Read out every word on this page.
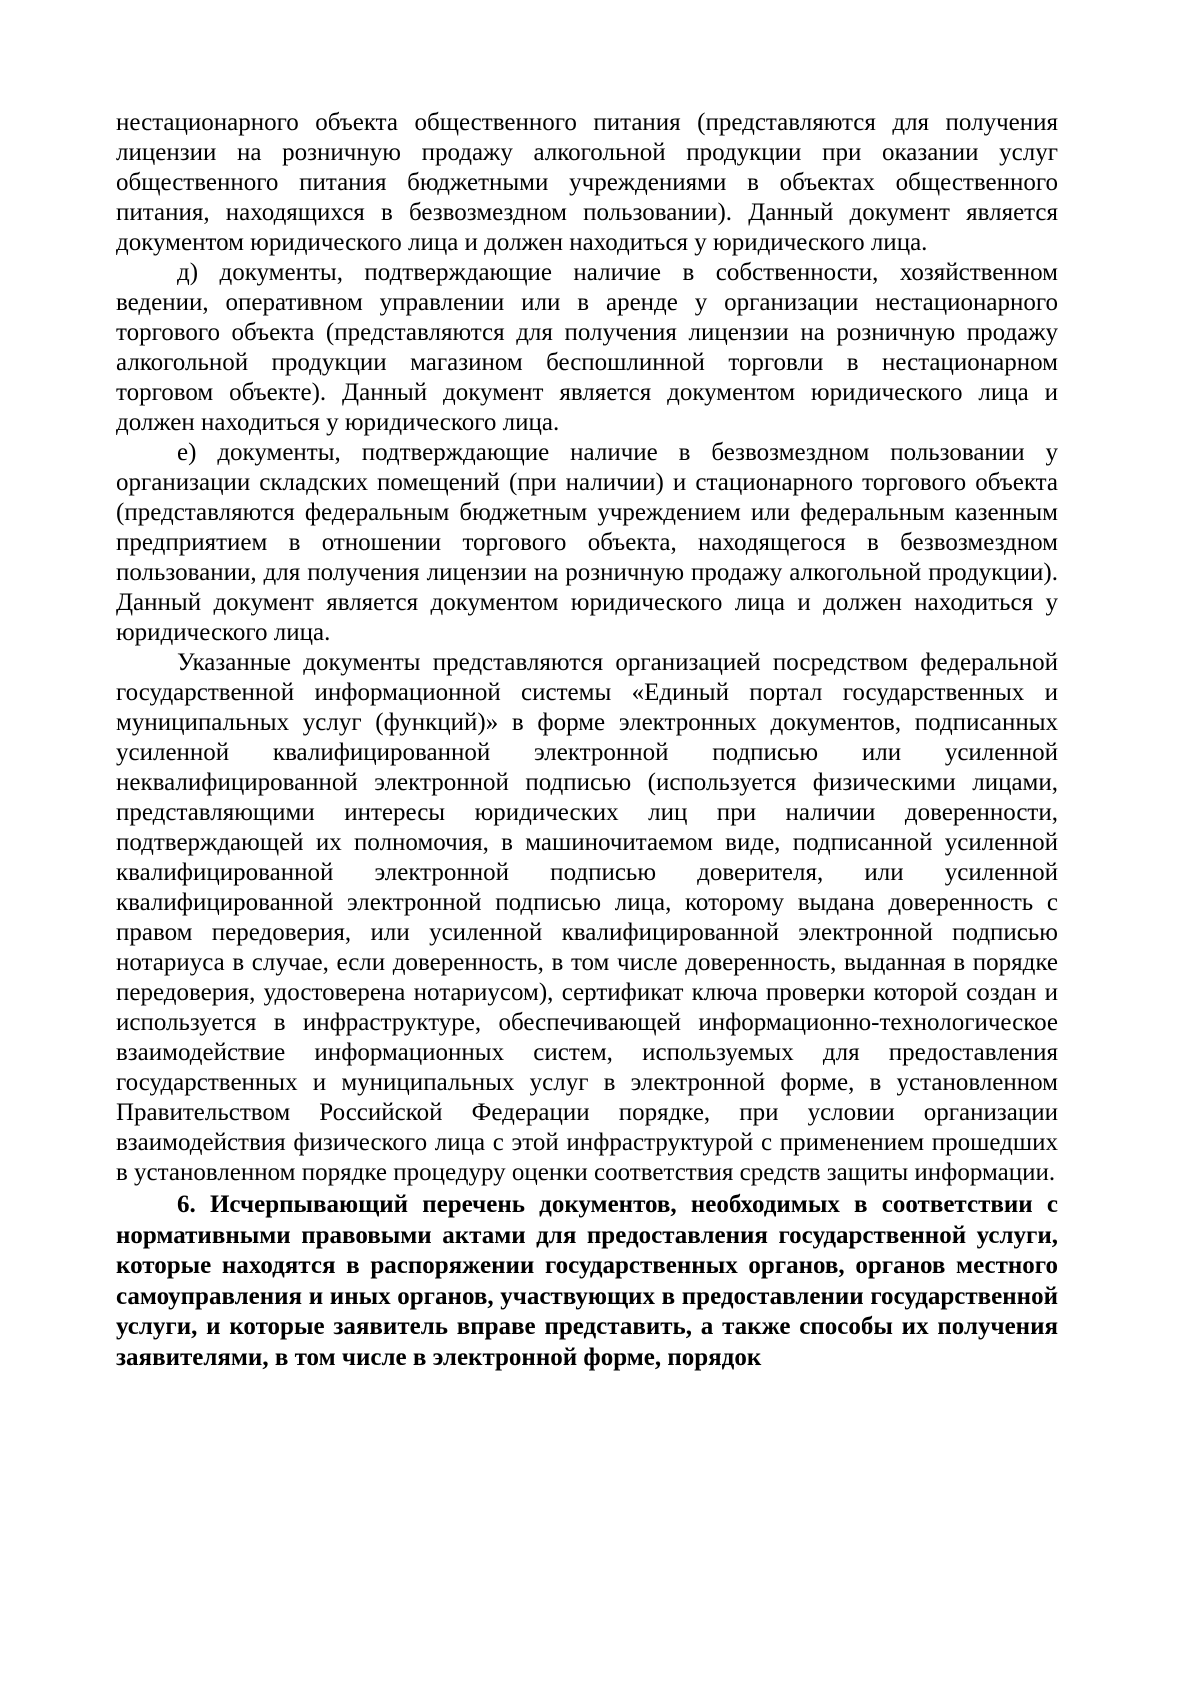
нестационарного объекта общественного питания (представляются для получения лицензии на розничную продажу алкогольной продукции при оказании услуг общественного питания бюджетными учреждениями в объектах общественного питания, находящихся в безвозмездном пользовании). Данный документ является документом юридического лица и должен находиться у юридического лица.

д) документы, подтверждающие наличие в собственности, хозяйственном ведении, оперативном управлении или в аренде у организации нестационарного торгового объекта (представляются для получения лицензии на розничную продажу алкогольной продукции магазином беспошлинной торговли в нестационарном торговом объекте). Данный документ является документом юридического лица и должен находиться у юридического лица.

е) документы, подтверждающие наличие в безвозмездном пользовании у организации складских помещений (при наличии) и стационарного торгового объекта (представляются федеральным бюджетным учреждением или федеральным казенным предприятием в отношении торгового объекта, находящегося в безвозмездном пользовании, для получения лицензии на розничную продажу алкогольной продукции). Данный документ является документом юридического лица и должен находиться у юридического лица.

Указанные документы представляются организацией посредством федеральной государственной информационной системы «Единый портал государственных и муниципальных услуг (функций)» в форме электронных документов, подписанных усиленной квалифицированной электронной подписью или усиленной неквалифицированной электронной подписью (используется физическими лицами, представляющими интересы юридических лиц при наличии доверенности, подтверждающей их полномочия, в машиночитаемом виде, подписанной усиленной квалифицированной электронной подписью доверителя, или усиленной квалифицированной электронной подписью лица, которому выдана доверенность с правом передоверия, или усиленной квалифицированной электронной подписью нотариуса в случае, если доверенность, в том числе доверенность, выданная в порядке передоверия, удостоверена нотариусом), сертификат ключа проверки которой создан и используется в инфраструктуре, обеспечивающей информационно-технологическое взаимодействие информационных систем, используемых для предоставления государственных и муниципальных услуг в электронной форме, в установленном Правительством Российской Федерации порядке, при условии организации взаимодействия физического лица с этой инфраструктурой с применением прошедших в установленном порядке процедуру оценки соответствия средств защиты информации.

6. Исчерпывающий перечень документов, необходимых в соответствии с нормативными правовыми актами для предоставления государственной услуги, которые находятся в распоряжении государственных органов, органов местного самоуправления и иных органов, участвующих в предоставлении государственной услуги, и которые заявитель вправе представить, а также способы их получения заявителями, в том числе в электронной форме, порядок
